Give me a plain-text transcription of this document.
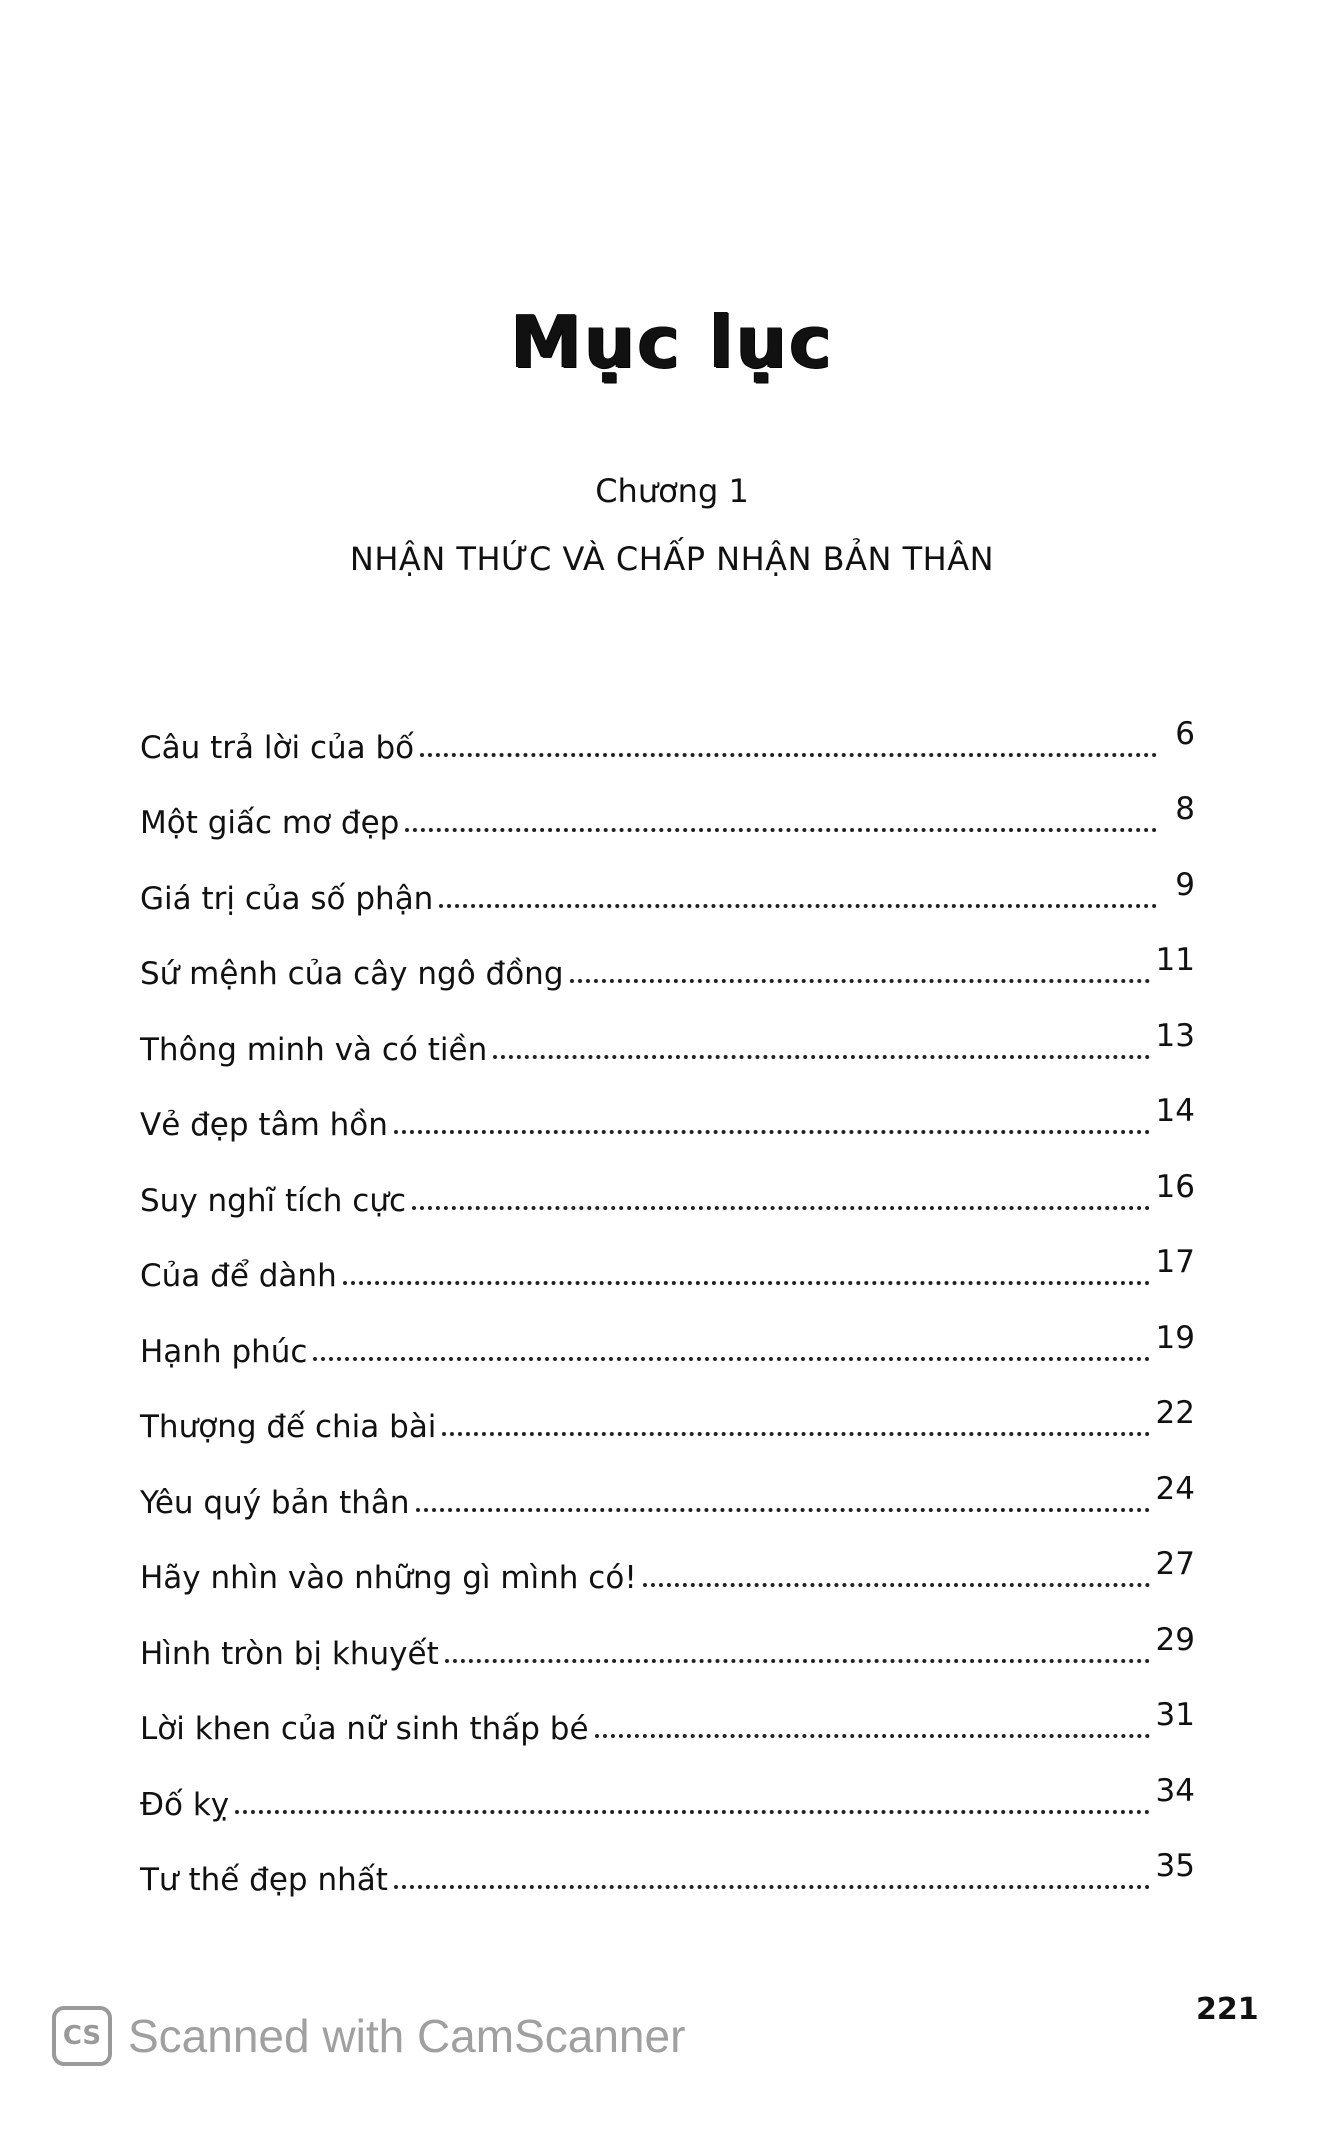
Mục lục
Chương 1
NHẬN THỨC VÀ CHẤP NHẬN BẢN THÂN
Câu trả lời của bố	6
Một giấc mơ đẹp	8
Giá trị của số phận	9
Sứ mệnh của cây ngô đồng	11
Thông minh và có tiền	13
Vẻ đẹp tâm hồn	14
Suy nghĩ tích cực	16
Của để dành	17
Hạnh phúc	19
Thượng đế chia bài	22
Yêu quý bản thân	24
Hãy nhìn vào những gì mình có!	27
Hình tròn bị khuyết	29
Lời khen của nữ sinh thấp bé	31
Đố kỵ	34
Tư thế đẹp nhất	35
221
CS Scanned with CamScanner
